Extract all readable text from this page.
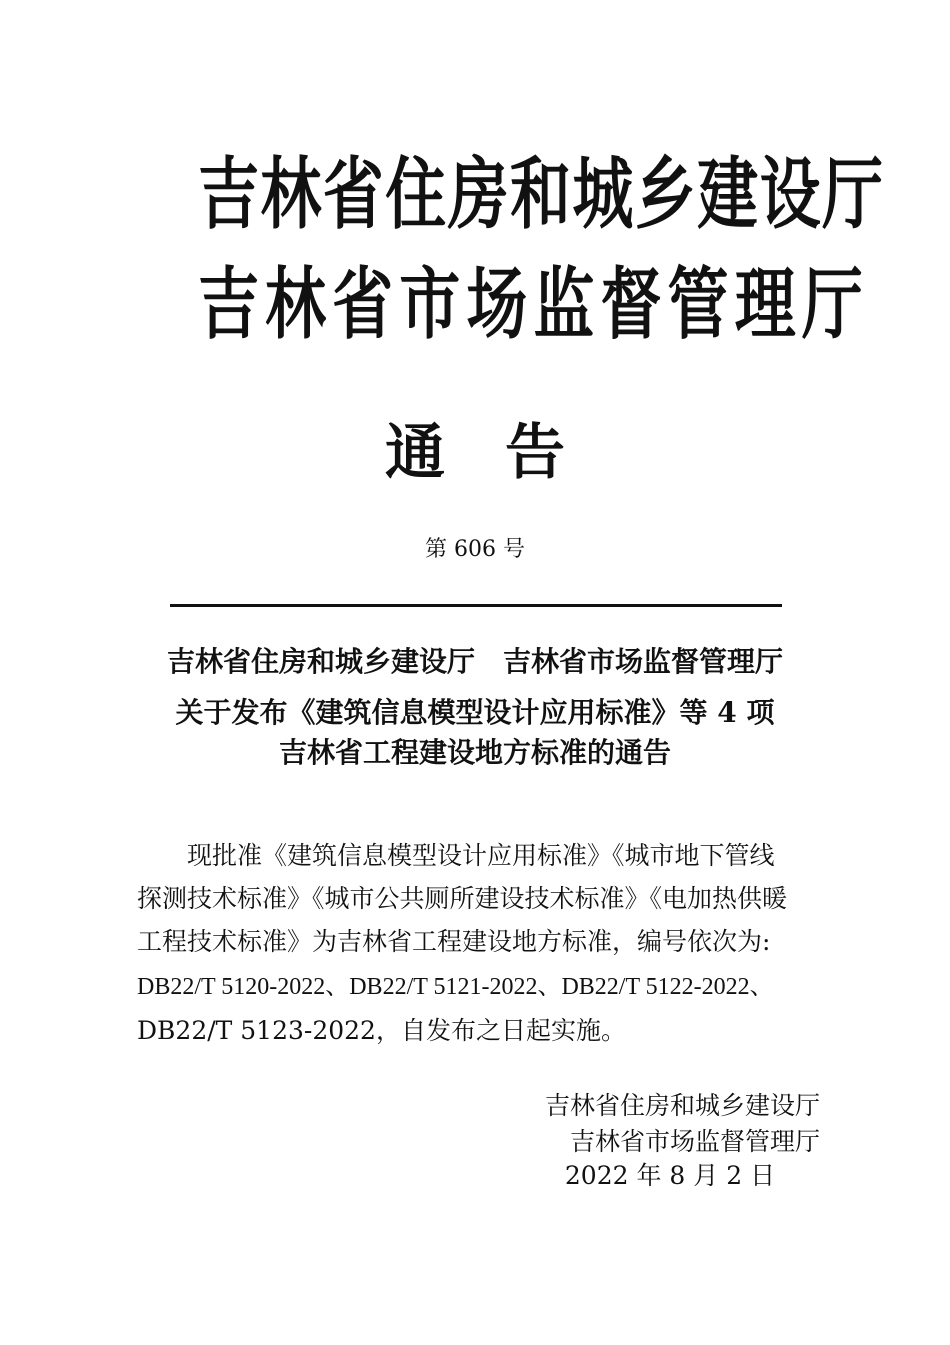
吉林省住房和城乡建设厅
吉林省市场监督管理厅
通 告
第 606 号
吉林省住房和城乡建设厅　吉林省市场监督管理厅
关于发布《建筑信息模型设计应用标准》等 4 项
吉林省工程建设地方标准的通告
现批准《建筑信息模型设计应用标准》《城市地下管线
探测技术标准》《城市公共厕所建设技术标准》《电加热供暖
工程技术标准》为吉林省工程建设地方标准，编号依次为:
DB22/T 5120-2022、DB22/T 5121-2022、DB22/T 5122-2022、
DB22/T 5123-2022，自发布之日起实施。
吉林省住房和城乡建设厅
吉林省市场监督管理厅
2022 年 8 月 2 日
